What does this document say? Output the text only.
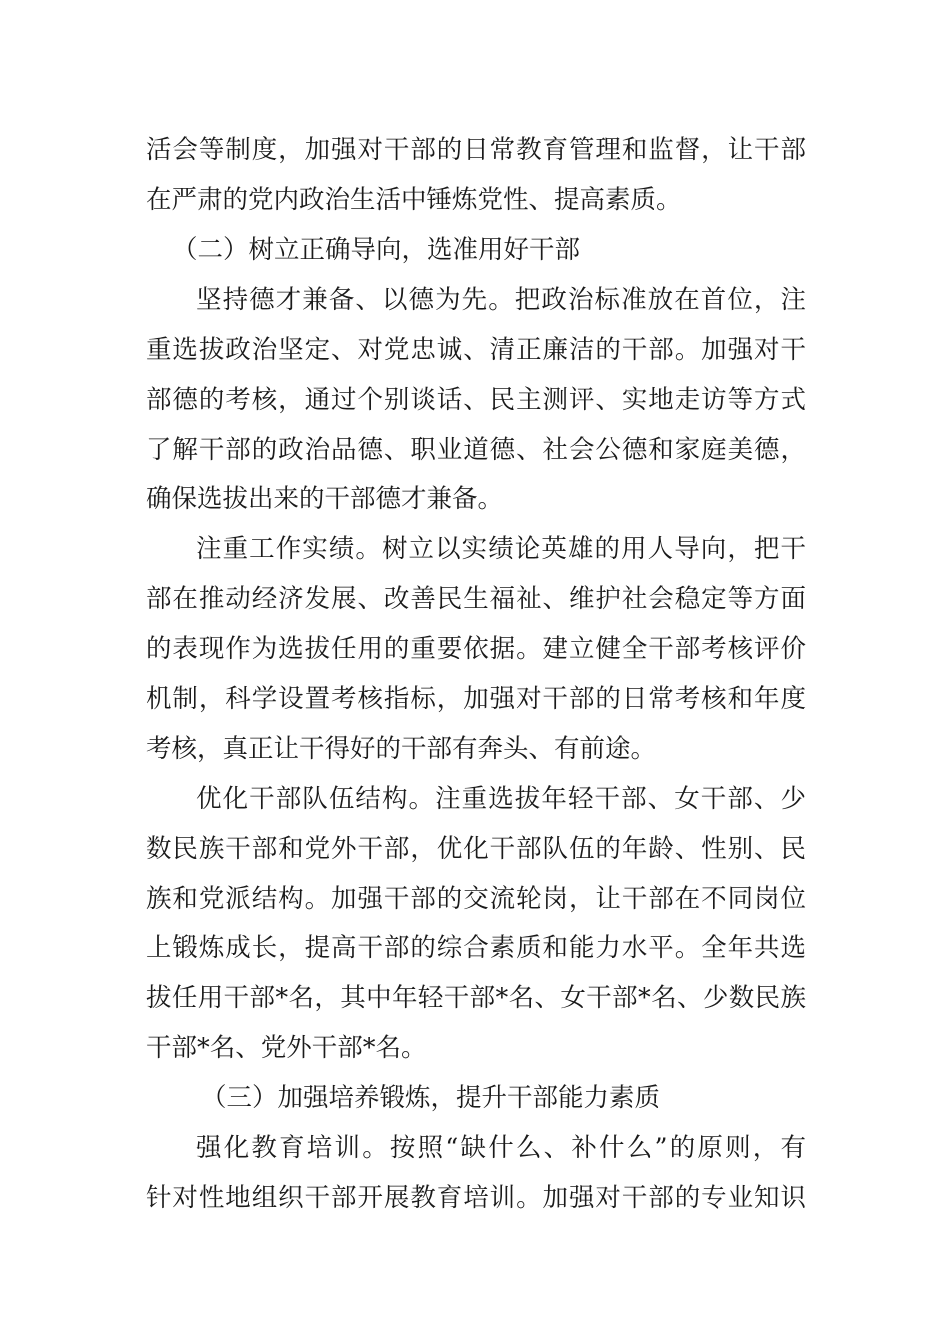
活会等制度，加强对干部的日常教育管理和监督，让干部
在严肃的党内政治生活中锤炼党性、提高素质。
（二）树立正确导向，选准用好干部
坚持德才兼备、以德为先。把政治标准放在首位，注
重选拔政治坚定、对党忠诚、清正廉洁的干部。加强对干
部德的考核，通过个别谈话、民主测评、实地走访等方式
了解干部的政治品德、职业道德、社会公德和家庭美德，
确保选拔出来的干部德才兼备。
注重工作实绩。树立以实绩论英雄的用人导向，把干
部在推动经济发展、改善民生福祉、维护社会稳定等方面
的表现作为选拔任用的重要依据。建立健全干部考核评价
机制，科学设置考核指标，加强对干部的日常考核和年度
考核，真正让干得好的干部有奔头、有前途。
优化干部队伍结构。注重选拔年轻干部、女干部、少
数民族干部和党外干部，优化干部队伍的年龄、性别、民
族和党派结构。加强干部的交流轮岗，让干部在不同岗位
上锻炼成长，提高干部的综合素质和能力水平。全年共选
拔任用干部*名，其中年轻干部*名、女干部*名、少数民族
干部*名、党外干部*名。
（三）加强培养锻炼，提升干部能力素质
强化教育培训。按照“缺什么、补什么”的原则，有
针对性地组织干部开展教育培训。加强对干部的专业知识
